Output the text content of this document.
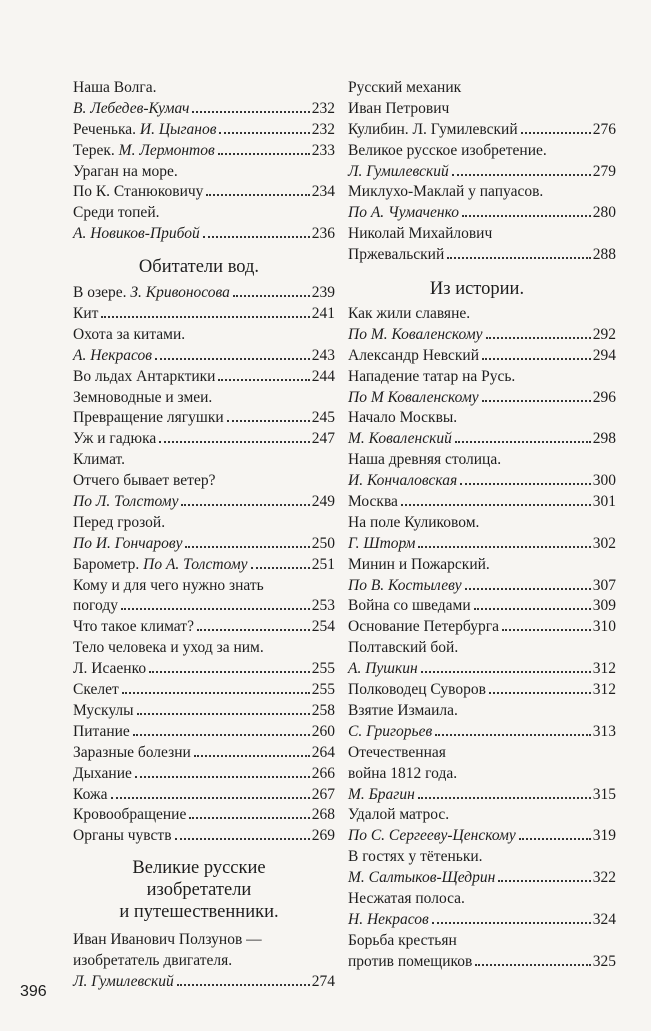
Наша Волга.
В. Лебедев-Кумач	232
Реченька. И. Цыганов	232
Терек. М. Лермонтов	233
Ураган на море.
По К. Станюковичу	234
Среди топей.
А. Новиков-Прибой	236
Обитатели вод.
В озере. З. Кривоносова	239
Кит	241
Охота за китами.
А. Некрасов	243
Во льдах Антарктики	244
Земноводные и змеи.
Превращение лягушки	245
Уж и гадюка	247
Климат.
Отчего бывает ветер?
По Л. Толстому	249
Перед грозой.
По И. Гончарову	250
Барометр. По А. Толстому	251
Кому и для чего нужно знать
погоду	253
Что такое климат?	254
Тело человека и уход за ним.
Л. Исаенко	255
Скелет	255
Мускулы	258
Питание	260
Заразные болезни	264
Дыхание	266
Кожа	267
Кровообращение	268
Органы чувств	269
Великие русские
изобретатели
и путешественники.
Иван Иванович Ползунов —
изобретатель двигателя.
Л. Гумилевский	274
Русский механик
Иван Петрович
Кулибин. Л. Гумилевский	276
Великое русское изобретение.
Л. Гумилевский	279
Миклухо-Маклай у папуасов.
По А. Чумаченко	280
Николай Михайлович
Пржевальский	288
Из истории.
Как жили славяне.
По М. Коваленскому	292
Александр Невский	294
Нападение татар на Русь.
По М Коваленскому	296
Начало Москвы.
М. Коваленский	298
Наша древняя столица.
И. Кончаловская	300
Москва	301
На поле Куликовом.
Г. Шторм	302
Минин и Пожарский.
По В. Костылеву	307
Война со шведами	309
Основание Петербурга	310
Полтавский бой.
А. Пушкин	312
Полководец Суворов	312
Взятие Измаила.
С. Григорьев	313
Отечественная
война 1812 года.
М. Брагин	315
Удалой матрос.
По С. Сергееву-Ценскому	319
В гостях у тётеньки.
М. Салтыков-Щедрин	322
Несжатая полоса.
Н. Некрасов	324
Борьба крестьян
против помещиков	325
396
